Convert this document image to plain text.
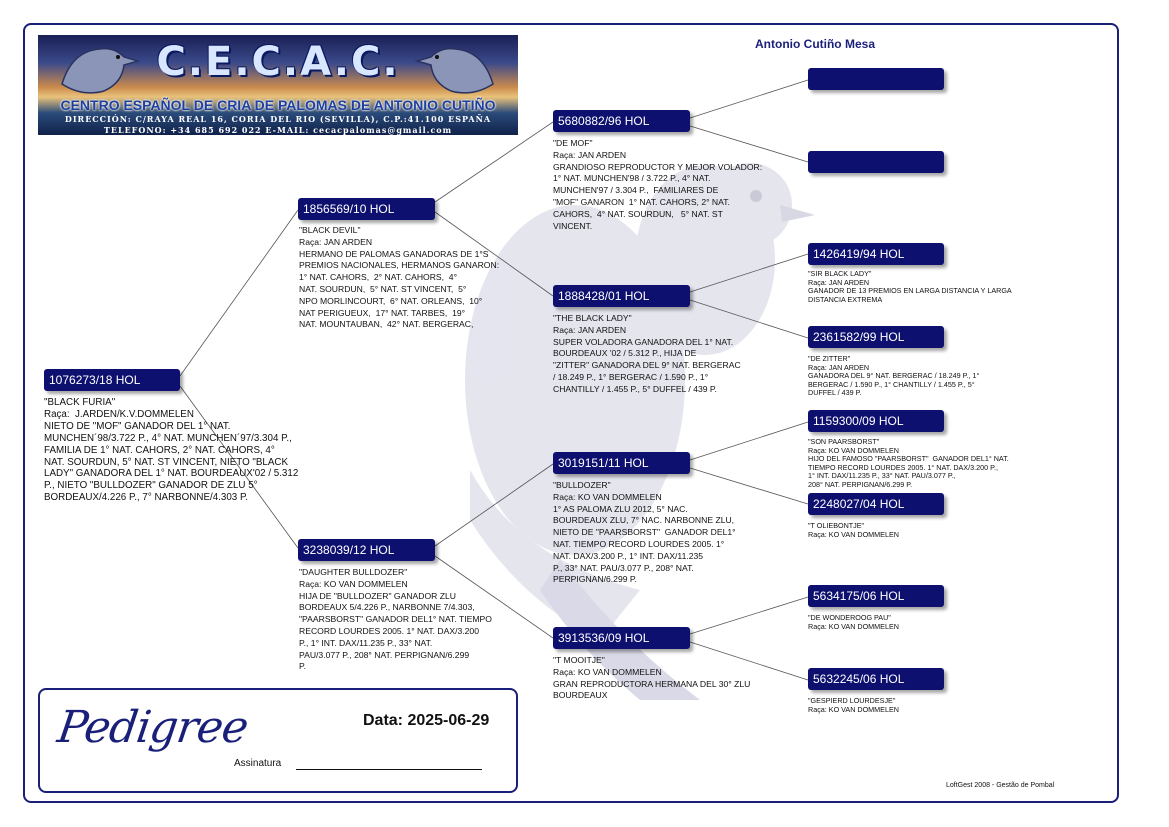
C.E.C.A.C.
CENTRO ESPAÑOL DE CRIA DE PALOMAS DE ANTONIO CUTIÑO
DIRECCIÓN: C/RAYA REAL 16, CORIA DEL RIO (SEVILLA), C.P.:41.100 ESPAÑA
TELEFONO: +34 685 692 022 E-MAIL: cecacpalomas@gmail.com
Antonio Cutiño Mesa
1076273/18 HOL
"BLACK FURIA"
Raça:  J.ARDEN/K.V.DOMMELEN
NIETO DE "MOF" GANADOR DEL 1° NAT.
MUNCHEN´98/3.722 P., 4° NAT. MUNCHEN´97/3.304 P.,
FAMILIA DE 1° NAT. CAHORS, 2° NAT. CAHORS, 4°
NAT. SOURDUN, 5° NAT. ST VINCENT, NIETO "BLACK
LADY" GANADORA DEL 1° NAT. BOURDEAUX'02 / 5.312
P., NIETO "BULLDOZER" GANADOR DE ZLU 5°
BORDEAUX/4.226 P., 7° NARBONNE/4.303 P.
1856569/10 HOL
"BLACK DEVIL"
Raça: JAN ARDEN
HERMANO DE PALOMAS GANADORAS DE 1°S
PREMIOS NACIONALES, HERMANOS GANARON:
1° NAT. CAHORS,  2° NAT. CAHORS,  4°
NAT. SOURDUN,  5° NAT. ST VINCENT,  5°
NPO MORLINCOURT,  6° NAT. ORLEANS,  10°
NAT PERIGUEUX,  17° NAT. TARBES,  19°
NAT. MOUNTAUBAN,  42° NAT. BERGERAC,
3238039/12 HOL
"DAUGHTER BULLDOZER"
Raça: KO VAN DOMMELEN
HIJA DE "BULLDOZER" GANADOR ZLU
BORDEAUX 5/4.226 P., NARBONNE 7/4.303,
"PAARSBORST" GANADOR DEL1° NAT. TIEMPO
RECORD LOURDES 2005. 1° NAT. DAX/3.200
P., 1° INT. DAX/11.235 P., 33° NAT.
PAU/3.077 P., 208° NAT. PERPIGNAN/6.299
P.
5680882/96 HOL
"DE MOF"
Raça: JAN ARDEN
GRANDIOSO REPRODUCTOR Y MEJOR VOLADOR:
1° NAT. MUNCHEN'98 / 3.722 P., 4° NAT.
MUNCHEN'97 / 3.304 P.,  FAMILIARES DE
"MOF" GANARON  1° NAT. CAHORS, 2° NAT.
CAHORS,  4° NAT. SOURDUN,   5° NAT. ST
VINCENT.
1888428/01 HOL
"THE BLACK LADY"
Raça: JAN ARDEN
SUPER VOLADORA GANADORA DEL 1° NAT.
BOURDEAUX '02 / 5.312 P., HIJA DE
"ZITTER" GANADORA DEL 9° NAT. BERGERAC
/ 18.249 P., 1° BERGERAC / 1.590 P., 1°
CHANTILLY / 1.455 P., 5° DUFFEL / 439 P.
3019151/11 HOL
"BULLDOZER"
Raça: KO VAN DOMMELEN
1° AS PALOMA ZLU 2012, 5° NAC.
BOURDEAUX ZLU, 7° NAC. NARBONNE ZLU,
NIETO DE "PAARSBORST"  GANADOR DEL1°
NAT. TIEMPO RECORD LOURDES 2005. 1°
NAT. DAX/3.200 P., 1° INT. DAX/11.235
P., 33° NAT. PAU/3.077 P., 208° NAT.
PERPIGNAN/6.299 P.
3913536/09 HOL
"T MOOITJE"
Raça: KO VAN DOMMELEN
GRAN REPRODUCTORA HERMANA DEL 30° ZLU
BOURDEAUX
1426419/94 HOL
"SIR BLACK LADY"
Raça: JAN ARDEN
GANADOR DE 13 PREMIOS EN LARGA DISTANCIA Y LARGA
DISTANCIA EXTREMA
2361582/99 HOL
"DE ZITTER"
Raça: JAN ARDEN
GANADORA DEL 9° NAT. BERGERAC / 18.249 P., 1°
BERGERAC / 1.590 P., 1° CHANTILLY / 1.455 P., 5°
DUFFEL / 439 P.
1159300/09 HOL
"SON PAARSBORST"
Raça: KO VAN DOMMELEN
HIJO DEL FAMOSO "PAARSBORST"  GANADOR DEL1° NAT.
TIEMPO RECORD LOURDES 2005. 1° NAT. DAX/3.200 P.,
1° INT. DAX/11.235 P., 33° NAT. PAU/3.077 P.,
208° NAT. PERPIGNAN/6.299 P.
2248027/04 HOL
"T OLIEBONTJE"
Raça: KO VAN DOMMELEN
5634175/06 HOL
"DE WONDEROOG PAU"
Raça: KO VAN DOMMELEN
5632245/06 HOL
"GESPIERD LOURDESJE"
Raça: KO VAN DOMMELEN
Pedigree	Data: 2025-06-29
Assinatura
LoftGest 2008 - Gestão de Pombal
